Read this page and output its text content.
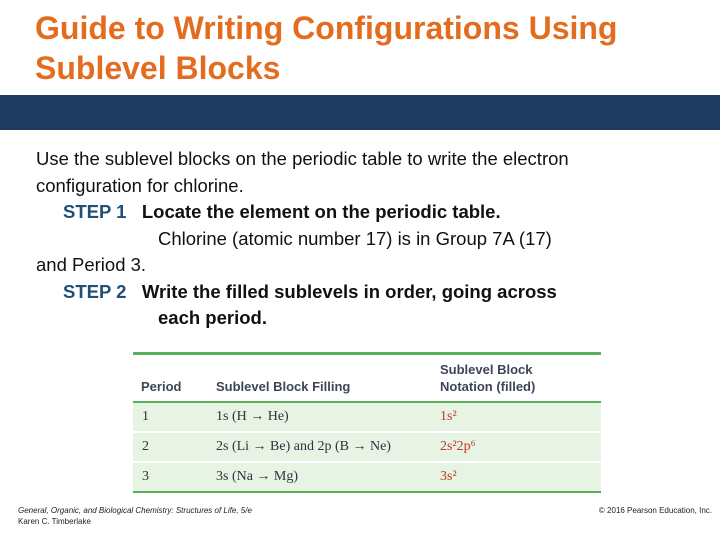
Guide to Writing Configurations Using Sublevel Blocks
Use the sublevel blocks on the periodic table to write the electron
configuration for chlorine.
STEP 1 Locate the element on the periodic table.
Chlorine (atomic number 17) is in Group 7A (17)
and Period 3.
STEP 2 Write the filled sublevels in order, going across
each period.
Period	Sublevel Block Filling
Sublevel Block
Notation (filled)
1	1s (H → He)	1s²
2	2s (Li → Be) and 2p (B → Ne)	2s²2p⁶
3	3s (Na → Mg)	3s²
General, Organic, and Biological Chemistry: Structures of Life, 5/e
Karen C. Timberlake
© 2016 Pearson Education, Inc.
